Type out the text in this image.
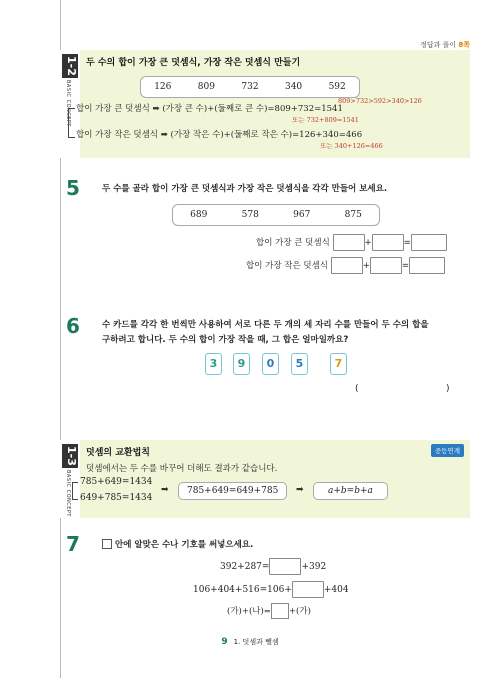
정답과 풀이 8쪽
1-2
BASIC CONCEPT
두 수의 합이 가장 큰 덧셈식, 가장 작은 덧셈식 만들기
126	809	732	340	592
809>732>592>340>126
합이 가장 큰 덧셈식 ➡ (가장 큰 수)+(둘째로 큰 수)=809+732=1541
또는 732+809=1541
합이 가장 작은 덧셈식 ➡ (가장 작은 수)+(둘째로 작은 수)=126+340=466
또는 340+126=466
5	두 수를 골라 합이 가장 큰 덧셈식과 가장 작은 덧셈식을 각각 만들어 보세요.
689	578	967	875
합이 가장 큰 덧셈식	+	=
합이 가장 작은 덧셈식	+	=
6	수 카드를 각각 한 번씩만 사용하여 서로 다른 두 개의 세 자리 수를 만들어 두 수의 합을
구하려고 합니다. 두 수의 합이 가장 작을 때, 그 합은 얼마일까요?
3	9	0	5	7
(	)
1-3
BASIC CONCEPT
덧셈의 교환법칙	중등연계
덧셈에서는 두 수를 바꾸어 더해도 결과가 같습니다.
785+649=1434
649+785=1434
➡	785+649=649+785	➡	a+b=b+a
7	안에 알맞은 수나 기호를 써넣으세요.
392+287=	+392
106+404+516=106+	+404
(가)+(나)= +(가)
9 1. 덧셈과 뺄셈
